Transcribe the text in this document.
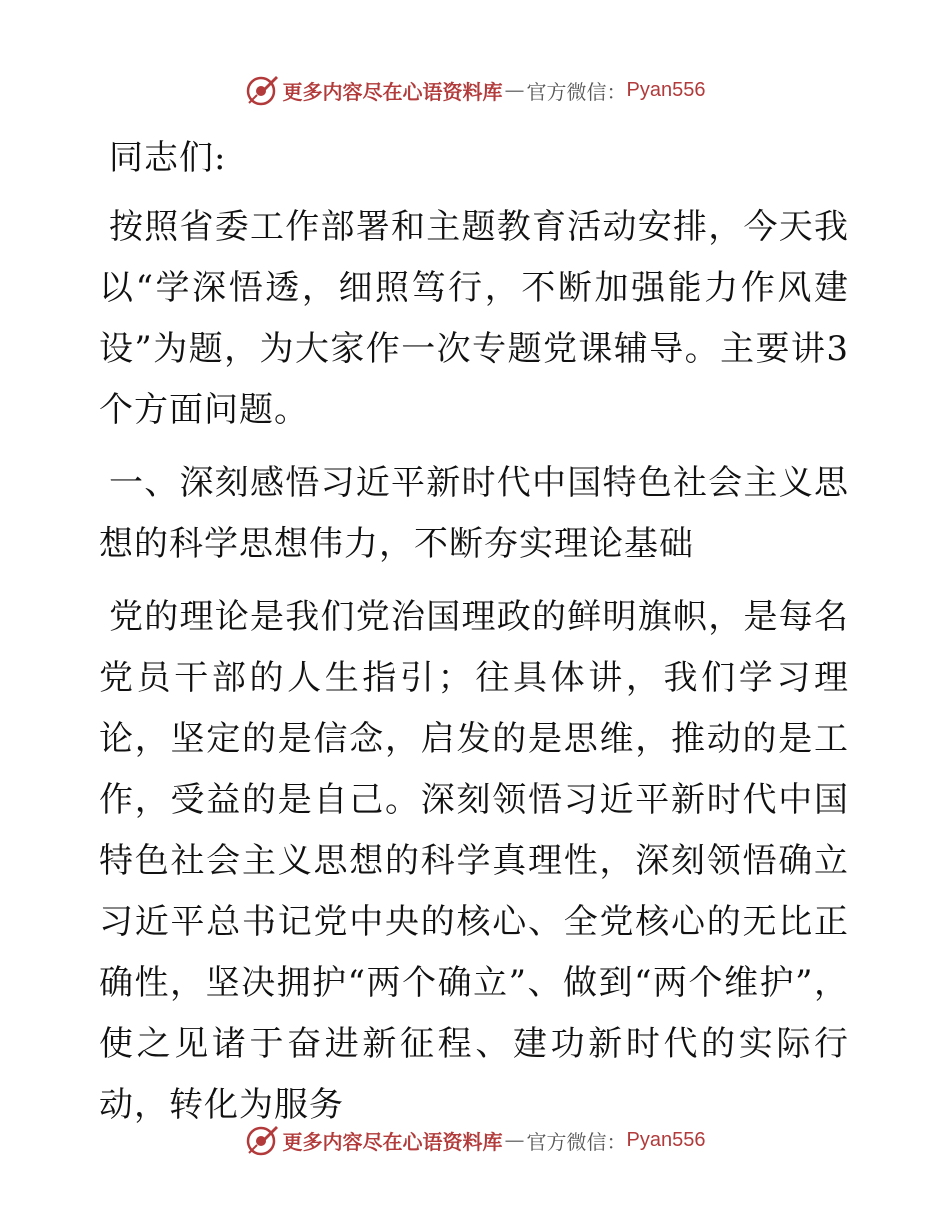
更多内容尽在心语资料库 — 官方微信： Pyan556

同志们:

按照省委工作部署和主题教育活动安排，今天我以“学深悟透，细照笃行，不断加强能力作风建设”为题，为大家作一次专题党课辅导。主要讲3个方面问题。

一、深刻感悟习近平新时代中国特色社会主义思想的科学思想伟力，不断夯实理论基础

党的理论是我们党治国理政的鲜明旗帜，是每名党员干部的人生指引；往具体讲，我们学习理论，坚定的是信念，启发的是思维，推动的是工作，受益的是自己。深刻领悟习近平新时代中国特色社会主义思想的科学真理性，深刻领悟确立习近平总书记党中央的核心、全党核心的无比正确性，坚决拥护“两个确立”、做到“两个维护”，使之见诸于奋进新征程、建功新时代的实际行动，转化为服务

更多内容尽在心语资料库 — 官方微信： Pyan556
